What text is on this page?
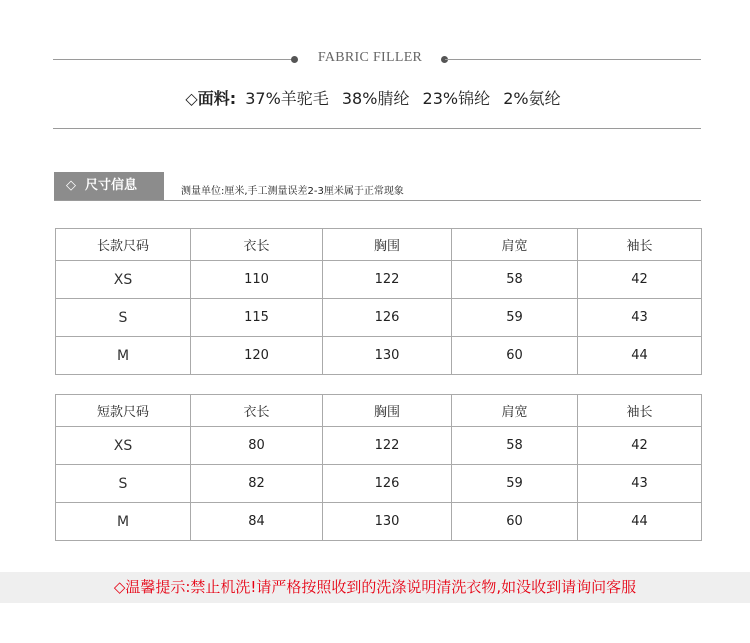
FABRIC FILLER
◇面料: 37%羊驼毛 38%腈纶 23%锦纶 2%氨纶
◇ 尺寸信息	测量单位:厘米,手工测量误差2-3厘米属于正常现象
长款尺码	衣长	胸围	肩宽	袖长
XS	110	122	58	42
S	115	126	59	43
M	120	130	60	44
短款尺码	衣长	胸围	肩宽	袖长
XS	80	122	58	42
S	82	126	59	43
M	84	130	60	44
◇温馨提示:禁止机洗!请严格按照收到的洗涤说明清洗衣物,如没收到请询问客服
